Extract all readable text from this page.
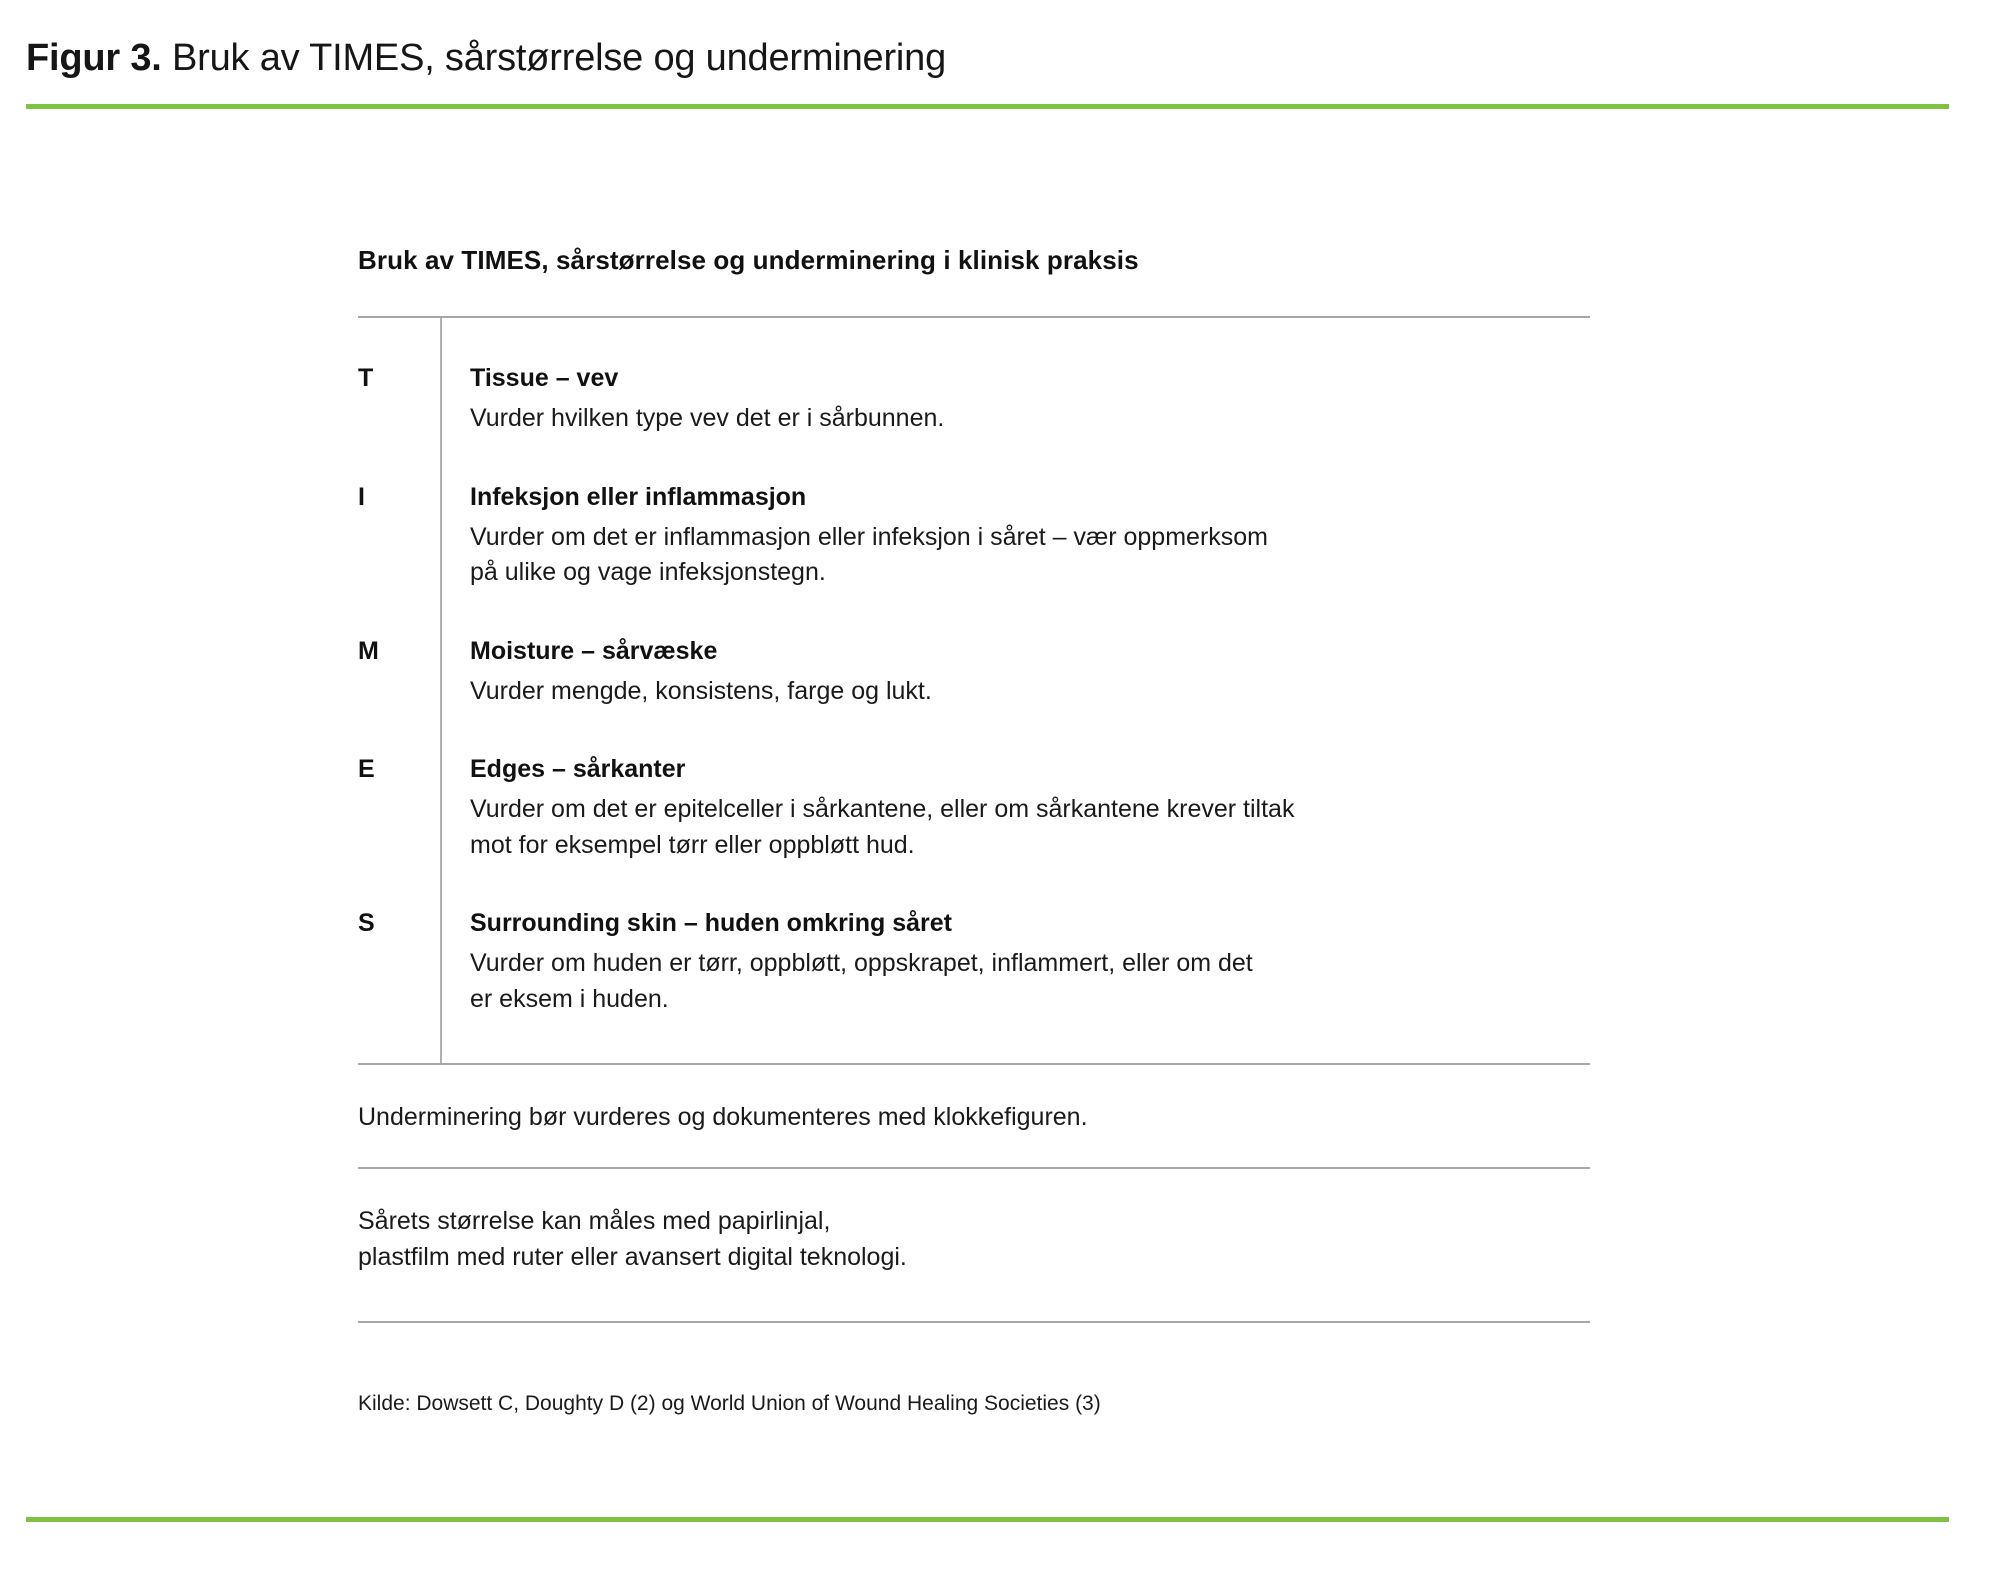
Figur 3. Bruk av TIMES, sårstørrelse og underminering
Bruk av TIMES, sårstørrelse og underminering i klinisk praksis
T	Tissue – vev

Vurder hvilken type vev det er i sårbunnen.

I	Infeksjon eller inflammasjon

Vurder om det er inflammasjon eller infeksjon i såret – vær oppmerksom
på ulike og vage infeksjonstegn.

M	Moisture – sårvæske

Vurder mengde, konsistens, farge og lukt.

E	Edges – sårkanter

Vurder om det er epitelceller i sårkantene, eller om sårkantene krever tiltak
mot for eksempel tørr eller oppbløtt hud.

S	Surrounding skin – huden omkring såret

Vurder om huden er tørr, oppbløtt, oppskrapet, inflammert, eller om det
er eksem i huden.

Underminering bør vurderes og dokumenteres med klokkefiguren.
Sårets størrelse kan måles med papirlinjal,
plastfilm med ruter eller avansert digital teknologi.
Kilde: Dowsett C, Doughty D (2) og World Union of Wound Healing Societies (3)
